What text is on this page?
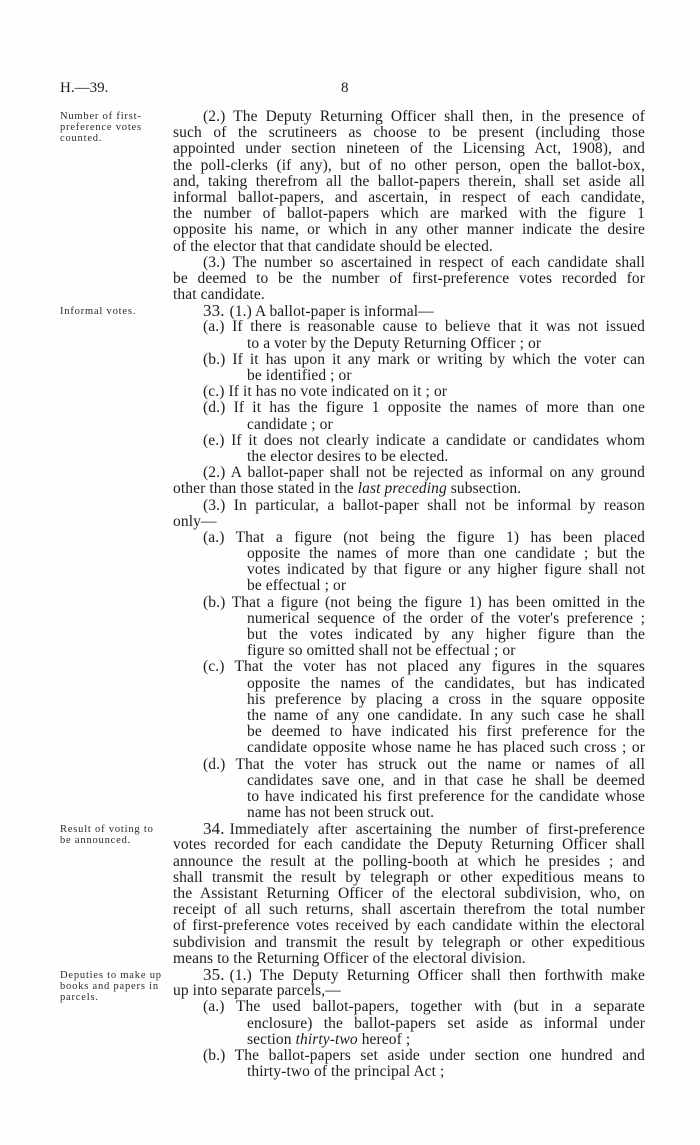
H.—39.	8
Number of first-
preference votes
counted.
Informal votes.
Result of voting to
be announced.
Deputies to make up
books and papers in
parcels.
(2.) The Deputy Returning Officer shall then, in the presence of
such of the scrutineers as choose to be present (including those
appointed under section nineteen of the Licensing Act, 1908), and
the poll-clerks (if any), but of no other person, open the ballot-box,
and, taking therefrom all the ballot-papers therein, shall set aside all
informal ballot-papers, and ascertain, in respect of each candidate,
the number of ballot-papers which are marked with the figure 1
opposite his name, or which in any other manner indicate the desire
of the elector that that candidate should be elected.
(3.) The number so ascertained in respect of each candidate shall
be deemed to be the number of first-preference votes recorded for
that candidate.
33. (1.) A ballot-paper is informal—
(a.) If there is reasonable cause to believe that it was not issued
to a voter by the Deputy Returning Officer ; or
(b.) If it has upon it any mark or writing by which the voter can
be identified ; or
(c.) If it has no vote indicated on it ; or
(d.) If it has the figure 1 opposite the names of more than one
candidate ; or
(e.) If it does not clearly indicate a candidate or candidates whom
the elector desires to be elected.
(2.) A ballot-paper shall not be rejected as informal on any ground
other than those stated in the last preceding subsection.
(3.) In particular, a ballot-paper shall not be informal by reason
only—
(a.) That a figure (not being the figure 1) has been placed
opposite the names of more than one candidate ; but the
votes indicated by that figure or any higher figure shall not
be effectual ; or
(b.) That a figure (not being the figure 1) has been omitted in the
numerical sequence of the order of the voter's preference ;
but the votes indicated by any higher figure than the
figure so omitted shall not be effectual ; or
(c.) That the voter has not placed any figures in the squares
opposite the names of the candidates, but has indicated
his preference by placing a cross in the square opposite
the name of any one candidate. In any such case he shall
be deemed to have indicated his first preference for the
candidate opposite whose name he has placed such cross ; or
(d.) That the voter has struck out the name or names of all
candidates save one, and in that case he shall be deemed
to have indicated his first preference for the candidate whose
name has not been struck out.
34. Immediately after ascertaining the number of first-preference
votes recorded for each candidate the Deputy Returning Officer shall
announce the result at the polling-booth at which he presides ; and
shall transmit the result by telegraph or other expeditious means to
the Assistant Returning Officer of the electoral subdivision, who, on
receipt of all such returns, shall ascertain therefrom the total number
of first-preference votes received by each candidate within the electoral
subdivision and transmit the result by telegraph or other expeditious
means to the Returning Officer of the electoral division.
35. (1.) The Deputy Returning Officer shall then forthwith make
up into separate parcels,—
(a.) The used ballot-papers, together with (but in a separate
enclosure) the ballot-papers set aside as informal under
section thirty-two hereof ;
(b.) The ballot-papers set aside under section one hundred and
thirty-two of the principal Act ;
